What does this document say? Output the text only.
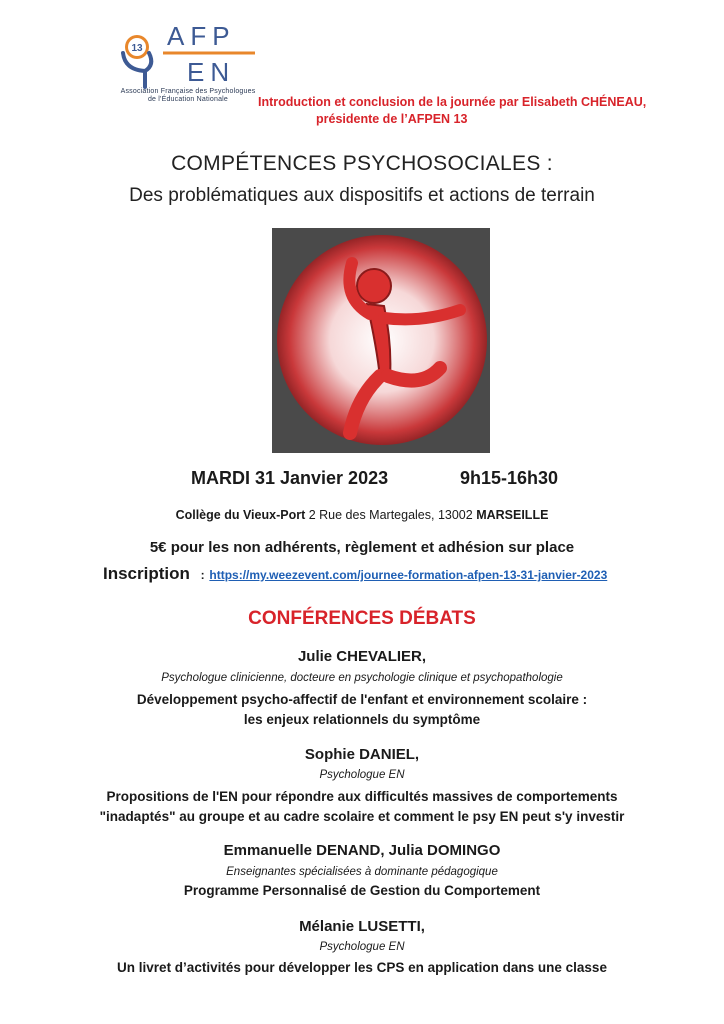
13 AFP
EN
Association Française des Psychologues
de l'Éducation Nationale	Introduction et conclusion de la journée par Elisabeth CHÉNEAU,
présidente de l’AFPEN 13
COMPÉTENCES PSYCHOSOCIALES :
Des problématiques aux dispositifs et actions de terrain
MARDI 31 Janvier 2023	9h15-16h30
Collège du Vieux-Port 2 Rue des Martegales, 13002 MARSEILLE
5€ pour les non adhérents, règlement et adhésion sur place
Inscription : https://my.weezevent.com/journee-formation-afpen-13-31-janvier-2023
CONFÉRENCES DÉBATS
Julie CHEVALIER,
Psychologue clinicienne, docteure en psychologie clinique et psychopathologie
Développement psycho-affectif de l'enfant et environnement scolaire :
les enjeux relationnels du symptôme
Sophie DANIEL,
Psychologue EN
Propositions de l'EN pour répondre aux difficultés massives de comportements
"inadaptés" au groupe et au cadre scolaire et comment le psy EN peut s'y investir
Emmanuelle DENAND, Julia DOMINGO
Enseignantes spécialisées à dominante pédagogique
Programme Personnalisé de Gestion du Comportement
Mélanie LUSETTI,
Psychologue EN
Un livret d’activités pour développer les CPS en application dans une classe
